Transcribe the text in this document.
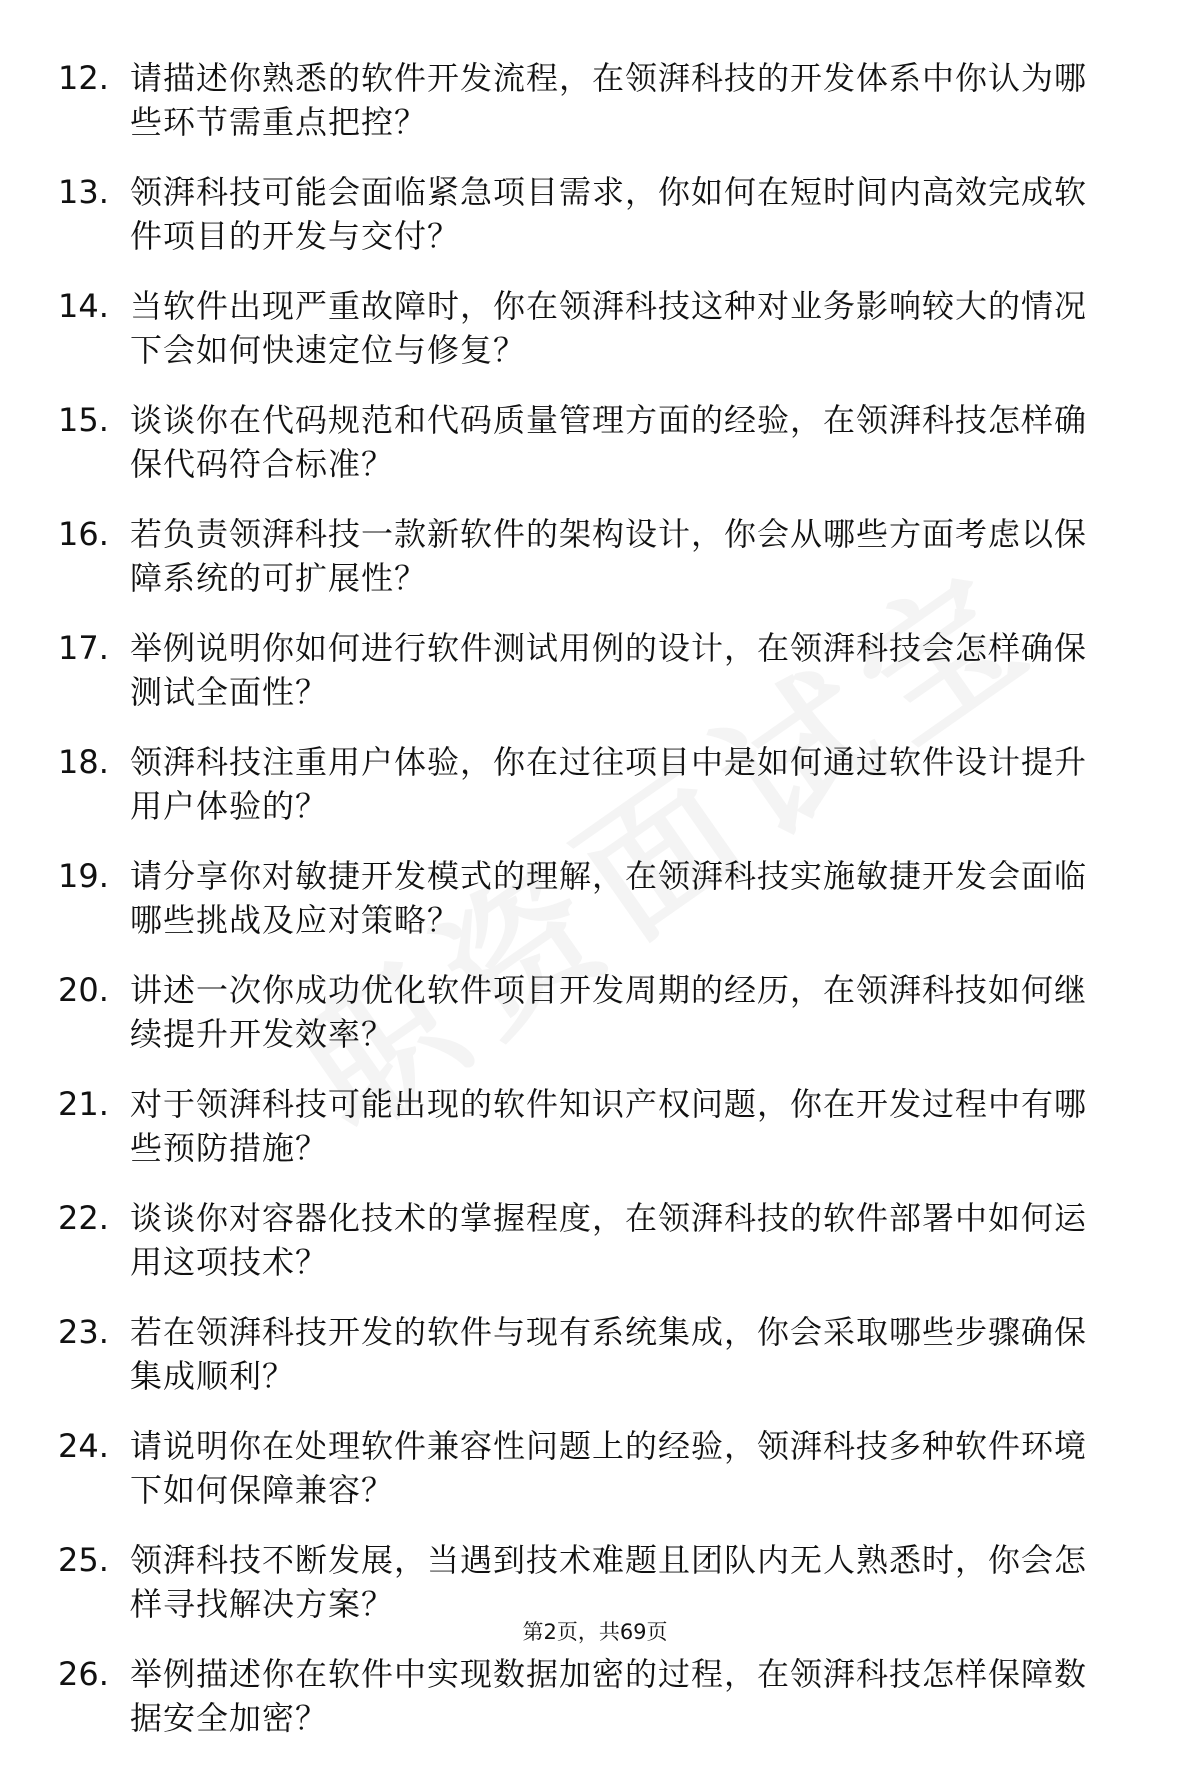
12. 请描述你熟悉的软件开发流程，在领湃科技的开发体系中你认为哪些环节需重点把控？
13. 领湃科技可能会面临紧急项目需求，你如何在短时间内高效完成软件项目的开发与交付？
14. 当软件出现严重故障时，你在领湃科技这种对业务影响较大的情况下会如何快速定位与修复？
15. 谈谈你在代码规范和代码质量管理方面的经验，在领湃科技怎样确保代码符合标准？
16. 若负责领湃科技一款新软件的架构设计，你会从哪些方面考虑以保障系统的可扩展性？
17. 举例说明你如何进行软件测试用例的设计，在领湃科技会怎样确保测试全面性？
18. 领湃科技注重用户体验，你在过往项目中是如何通过软件设计提升用户体验的？
19. 请分享你对敏捷开发模式的理解，在领湃科技实施敏捷开发会面临哪些挑战及应对策略？
20. 讲述一次你成功优化软件项目开发周期的经历，在领湃科技如何继续提升开发效率？
21. 对于领湃科技可能出现的软件知识产权问题，你在开发过程中有哪些预防措施？
22. 谈谈你对容器化技术的掌握程度，在领湃科技的软件部署中如何运用这项技术？
23. 若在领湃科技开发的软件与现有系统集成，你会采取哪些步骤确保集成顺利？
24. 请说明你在处理软件兼容性问题上的经验，领湃科技多种软件环境下如何保障兼容？
25. 领湃科技不断发展，当遇到技术难题且团队内无人熟悉时，你会怎样寻找解决方案？
26. 举例描述你在软件中实现数据加密的过程，在领湃科技怎样保障数据安全加密？
第2页，共69页
